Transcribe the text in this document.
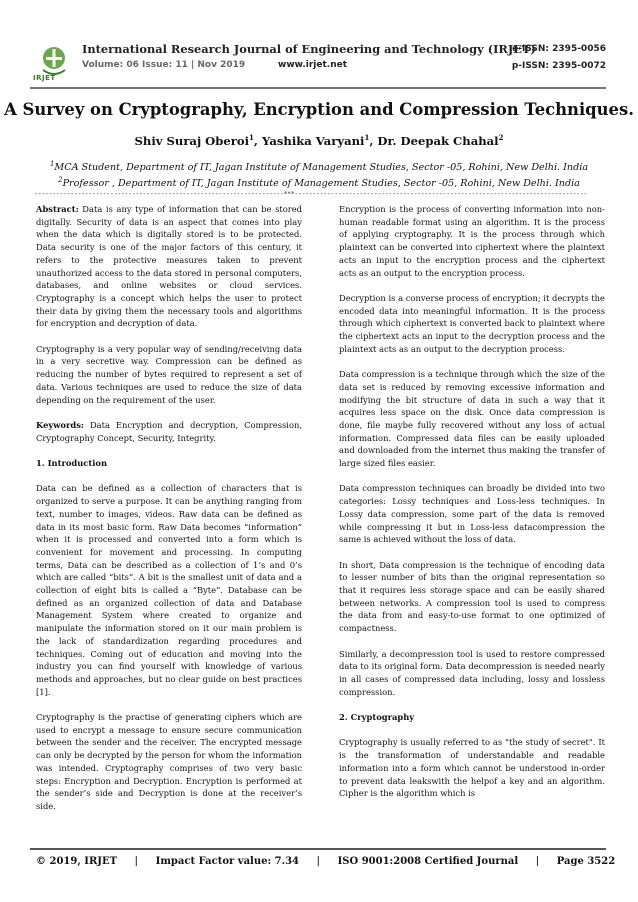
IRJET
International Research Journal of Engineering and Technology (IRJET)
Volume: 06 Issue: 11 | Nov 2019	www.irjet.net
e-ISSN: 2395-0056
p-ISSN: 2395-0072
A Survey on Cryptography, Encryption and Compression Techniques.
Shiv Suraj Oberoi$^1$, Yashika Varyani$^1$, Dr. Deepak Chahal$^2$
$^1$MCA Student, Department of IT, Jagan Institute of Management Studies, Sector -05, Rohini, New Delhi. India
$^2$Professor , Department of IT, Jagan Institute of Management Studies, Sector -05, Rohini, New Delhi. India
---------------------------------------------------------------------***---------------------------------------------------------------------------------

Abstract: Data is any type of information that can be stored digitally. Security of data is an aspect that comes into play when the data which is digitally stored is to be protected. Data security is one of the major factors of this century, it refers to the protective measures taken to prevent unauthorized access to the data stored in personal computers, databases, and online websites or cloud services. Cryptography is a concept which helps the user to protect their data by giving them the necessary tools and algorithms for encryption and decryption of data.

Cryptography is a very popular way of sending/receiving data in a very secretive way. Compression can be defined as reducing the number of bytes required to represent a set of data. Various techniques are used to reduce the size of data depending on the requirement of the user.

Keywords: Data Encryption and decryption, Compression, Cryptography Concept, Security, Integrity.

1. Introduction

Data can be defined as a collection of characters that is organized to serve a purpose. It can be anything ranging from text, number to images, videos. Raw data can be defined as data in its most basic form. Raw Data becomes “information” when it is processed and converted into a form which is convenient for movement and processing. In computing terms, Data can be described as a collection of 1’s and 0’s which are called “bits”. A bit is the smallest unit of data and a collection of eight bits is called a “Byte”. Database can be defined as an organized collection of data and Database Management System where created to organize and manipulate the information stored on it our main problem is the lack of standardization regarding procedures and techniques. Coming out of education and moving into the industry you can find yourself with knowledge of various methods and approaches, but no clear guide on best practices [1].

Cryptography is the practise of generating ciphers which are used to encrypt a message to ensure secure communication between the sender and the receiver. The encrypted message can only be decrypted by the person for whom the information was intended. Cryptography comprises of two very basic steps: Encryption and Decryption. Encryption is performed at the sender’s side and Decryption is done at the receiver’s side.

Encryption is the process of converting information into non-human readable format using an algorithm. It is the process of applying cryptography. It is the process through which plaintext can be converted into ciphertext where the plaintext acts an input to the encryption process and the ciphertext acts as an output to the encryption process.

Decryption is a converse process of encryption; it decrypts the encoded data into meaningful information. It is the process through which ciphertext is converted back to plaintext where the ciphertext acts an input to the decryption process and the plaintext acts as an output to the decryption process.

Data compression is a technique through which the size of the data set is reduced by removing excessive information and modifying the bit structure of data in such a way that it acquires less space on the disk. Once data compression is done, file maybe fully recovered without any loss of actual information. Compressed data files can be easily uploaded and downloaded from the internet thus making the transfer of large sized files easier.

Data compression techniques can broadly be divided into two categories: Lossy techniques and Loss-less techniques. In Lossy data compression, some part of the data is removed while compressing it but in Loss-less datacompression the same is achieved without the loss of data.

In short, Data compression is the technique of encoding data to lesser number of bits than the original representation so that it requires less storage space and can be easily shared between networks. A compression tool is used to compress the data from and easy-to-use format to one optimized of compactness.

Similarly, a decompression tool is used to restore compressed data to its original form. Data decompression is needed nearly in all cases of compressed data including, lossy and lossless compression.

2. Cryptography

Cryptography is usually referred to as "the study of secret". It is the transformation of understandable and readable information into a form which cannot be understood in-order to prevent data leakswith the helpof a key and an algorithm. Cipher is the algorithm which is

© 2019, IRJET | Impact Factor value: 7.34 | ISO 9001:2008 Certified Journal | Page 3522
